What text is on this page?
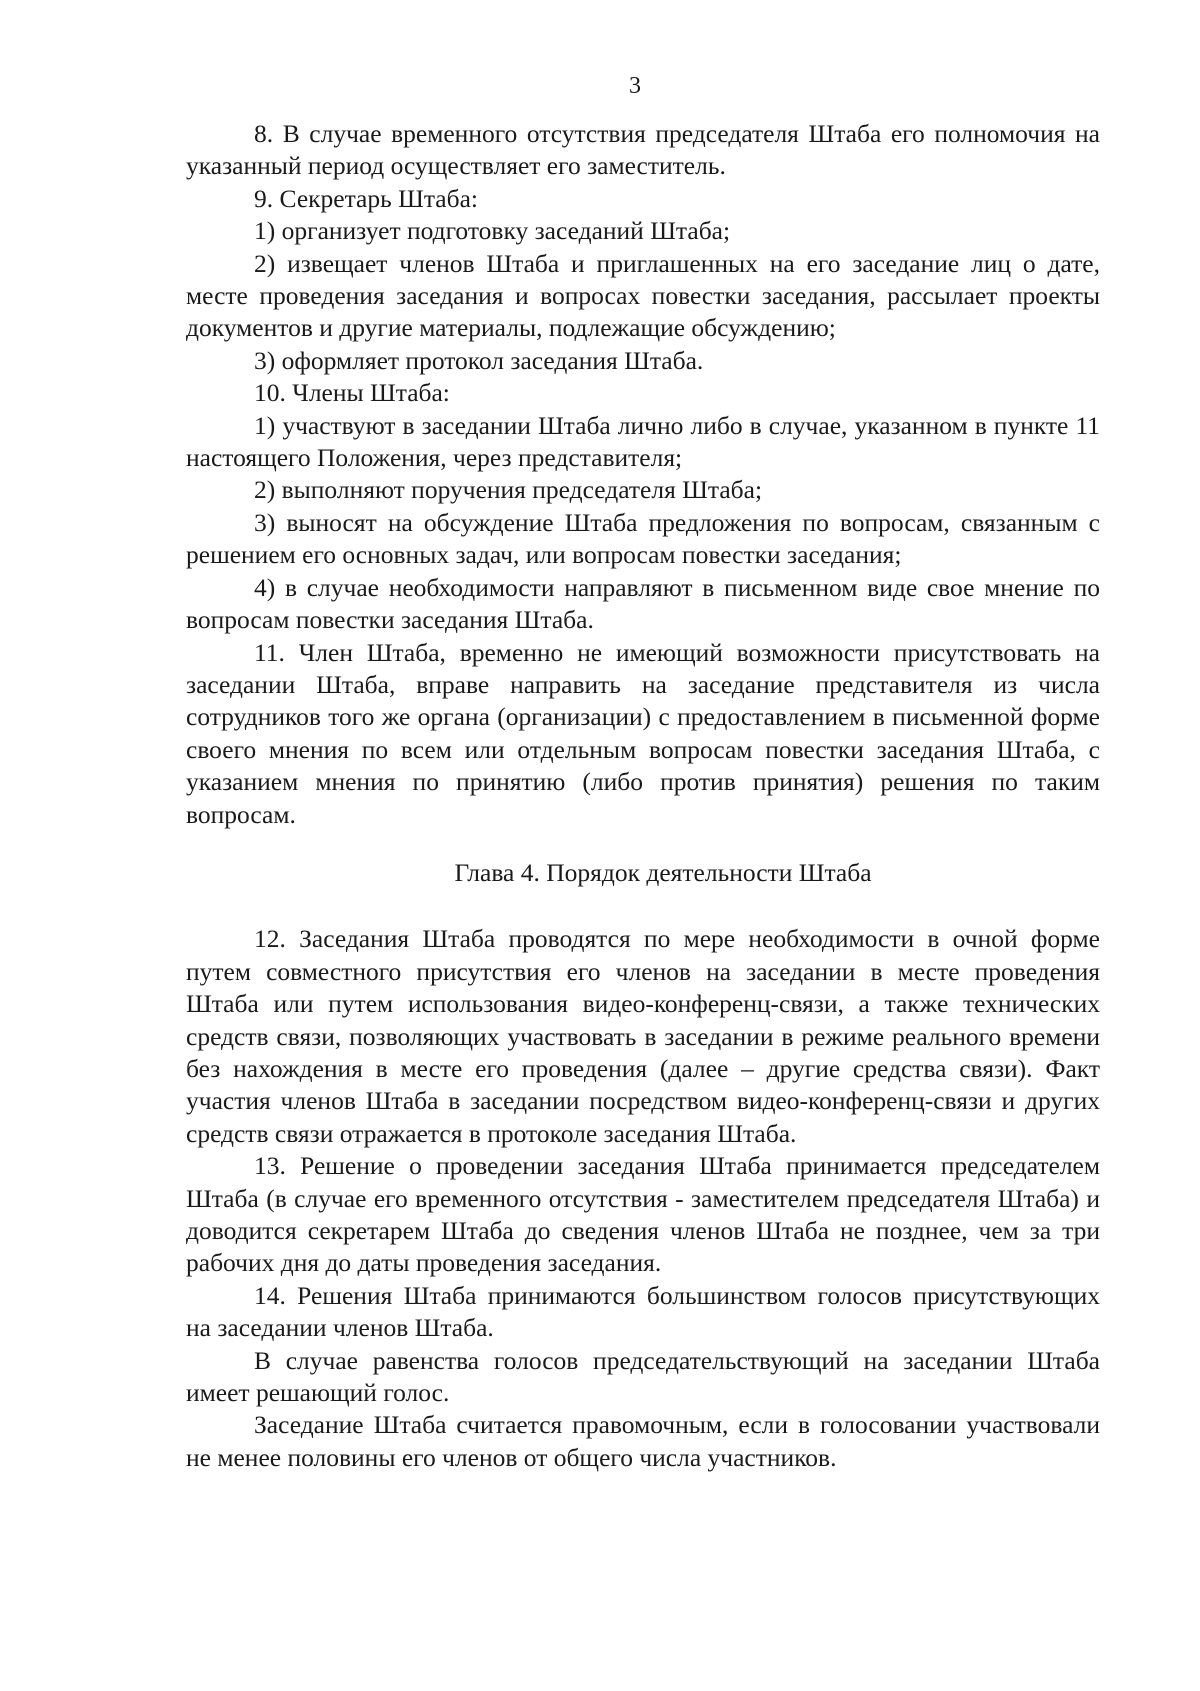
3

8. В случае временного отсутствия председателя Штаба его полномочия на указанный период осуществляет его заместитель.

9. Секретарь Штаба:

1) организует подготовку заседаний Штаба;

2) извещает членов Штаба и приглашенных на его заседание лиц о дате, месте проведения заседания и вопросах повестки заседания, рассылает проекты документов и другие материалы, подлежащие обсуждению;

3) оформляет протокол заседания Штаба.

10. Члены Штаба:

1) участвуют в заседании Штаба лично либо в случае, указанном в пункте 11 настоящего Положения, через представителя;

2) выполняют поручения председателя Штаба;

3) выносят на обсуждение Штаба предложения по вопросам, связанным с решением его основных задач, или вопросам повестки заседания;

4) в случае необходимости направляют в письменном виде свое мнение по вопросам повестки заседания Штаба.

11. Член Штаба, временно не имеющий возможности присутствовать на заседании Штаба, вправе направить на заседание представителя из числа сотрудников того же органа (организации) с предоставлением в письменной форме своего мнения по всем или отдельным вопросам повестки заседания Штаба, с указанием мнения по принятию (либо против принятия) решения по таким вопросам.

Глава 4. Порядок деятельности Штаба

12. Заседания Штаба проводятся по мере необходимости в очной форме путем совместного присутствия его членов на заседании в месте проведения Штаба или путем использования видео-конференц-связи, а также технических средств связи, позволяющих участвовать в заседании в режиме реального времени без нахождения в месте его проведения (далее – другие средства связи). Факт участия членов Штаба в заседании посредством видео-конференц-связи и других средств связи отражается в протоколе заседания Штаба.

13. Решение о проведении заседания Штаба принимается председателем Штаба (в случае его временного отсутствия - заместителем председателя Штаба) и доводится секретарем Штаба до сведения членов Штаба не позднее, чем за три рабочих дня до даты проведения заседания.

14. Решения Штаба принимаются большинством голосов присутствующих на заседании членов Штаба.

В случае равенства голосов председательствующий на заседании Штаба имеет решающий голос.

Заседание Штаба считается правомочным, если в голосовании участвовали не менее половины его членов от общего числа участников.
